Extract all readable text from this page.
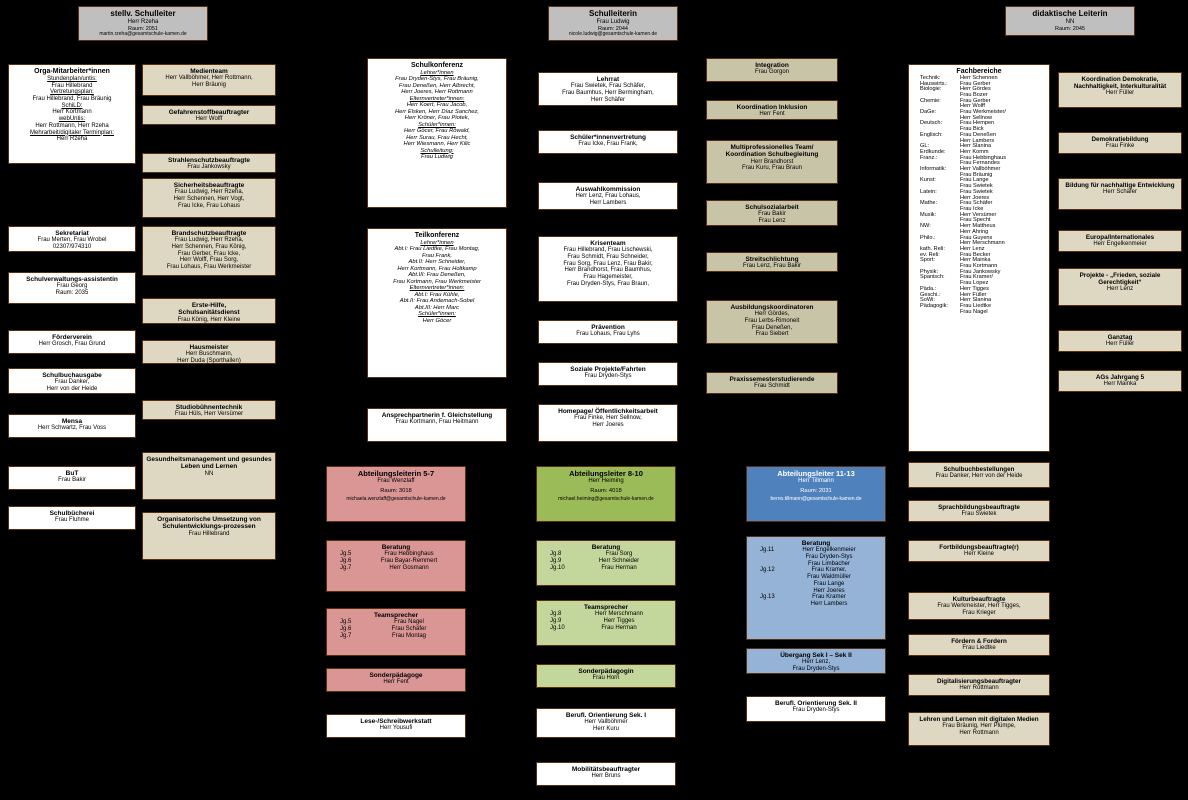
stellv. Schulleiter
Herr Rzeha
Raum: 2051
martin.rzeha@gesamtschule-kamen.de
Schulleiterin
Frau Ludwig
Raum: 2044
nicole.ludwig@gesamtschule-kamen.de
didaktische Leiterin
NN
Raum: 2045
Orga-Mitarbeiter*innen
Stundenplan/untis:
Frau Hillebrand
Vertretungsplan:
Frau Hillebrand, Frau Bräunig
SchiLD:
Herr Kortmann
webUntis:
Herr Rottmann, Herr Rzeha
Mehrarbeit/digitaler Terminplan:
Herr Rzeha

Sekretariat
Frau Merten, Frau Wrobel
02307/974310
Schulverwaltungs-assistentin
Frau Georg
Raum: 2035
Förderverein
Herr Grosch, Frau Grund
Schulbuchausgabe
Frau Danker,
Herr von der Heide
Mensa
Herr Schwartz, Frau Voss
BuT
Frau Bakir
Schulbücherei
Frau Fluhme
Medienteam
Herr Vallböhmer, Herr Rottmann,
Herr Bräunig
Gefahrenstoffbeauftragter
Herr Wolff
Strahlenschutzbeauftragte
Frau Jankowsky
Sicherheitsbeauftragte
Frau Ludwig, Herr Rzeha,
Herr Schennen, Herr Vogt,
Frau Icke, Frau Lohaus
Brandschutzbeauftragte
Frau Ludwig, Herr Rzeha,
Herr Schennen, Frau König,
Frau Gerber, Frau Icke,
Herr Wolff, Frau Sorg,
Frau Lohaus, Frau Werkmeister
Erste-Hilfe,
Schulsanitätsdienst
Frau König, Herr Kleine
Hausmeister
Herr Buschmann,
Herr Duda (Sporthallen)
Studiobühnentechnik
Frau Hüls, Herr Versümer
Gesundheitsmanagement und gesundes Leben und Lernen
NN
Organisatorische Umsetzung von Schulentwicklungs-prozessen
Frau Hillebrand
Schulkonferenz
Lehrer*innen
Frau Dryden-Stys, Frau Bräunig,
Frau Deneßen, Herr Albrecht,
Herr Joeres, Herr Rottmann
Elternvertreter*innen:
Herr Koert, Frau Jacob,
Herr Elsken, Herr Díaz Sanchez,
Herr Kröner, Frau Piotek,
Schüler*innen:
Herr Göcer, Frau Röwald,
Herr Surau, Frau Hecht,
Herr Wiesmann, Herr Kilic
Schulleitung:
Frau Ludwig
Teilkonferenz
Lehrer*innen
Abt.I: Frau Liedtke, Frau Montag,
Frau Frank,
Abt.II: Herr Schneider,
Herr Kortmann, Frau Holtkamp
Abt.III: Frau Deneßen,
Frau Kortmann, Frau Werkmeister
Elternvertreter*innen:
Abt.I: Frau Kühle,
Abt.II: Frau Andemach-Sobel
Abt.III: Herr Marc
Schüler*innen:
Herr Göcer
Ansprechpartnerin f. Gleichstellung
Frau Kortmann, Frau Heitmann
Lehrrat
Frau Swietek, Frau Schäfer,
Frau Baumhus, Herr Bermingham,
Herr Schäfer
Schüler*innenvertretung
Frau Icke, Frau Frank,
Auswahlkommission
Herr Lenz, Frau Lohaus,
Herr Lambers
Krisenteam
Frau Hillebrand, Frau Lischewski,
Frau Schmidt, Frau Schneider,
Frau Sorg, Frau Lenz, Frau Bakir,
Herr Brandhorst, Frau Baumhus,
Frau Hagemeister,
Frau Dryden-Stys, Frau Braun,
Prävention
Frau Lohaus, Frau Lyhs
Soziale Projekte/Fahrten
Frau Dryden-Stys
Homepage/ Öffentlichkeitsarbeit
Frau Finke, Herr Sellnow,
Herr Joeres
Integration
Frau Gorgon
Koordination Inklusion
Herr Fent
Multiprofessionelles Team/ Koordination Schulbegleitung
Herr Brandhorst
Frau Kuru, Frau Braun
Schulsozialarbeit
Frau Bakir
Frau Lenz
Streitschlichtung
Frau Lenz, Frau Bakir
Ausbildungskoordinatoren
Herr Gördes,
Frau Lerbs-Rimoneit
Frau Deneßen,
Frau Siebert
Praxissemesterstudierende
Frau Schmidt
Fachbereiche
Technik:	Herr Schennen
Hauswirts.:	Frau Gerber
Biologie:	Herr Gördes
Frau Bozer
Chemie:	Frau Gerber
Herr Wolff
DaGe:	Frau Werkmeister/
Herr Sellnow
Deutsch:	Frau Hempen
Frau Bick
Englisch:	Frau Deneßen
Herr Lambers
GL:	Herr Slanina
Erdkunde:	Herr Komm
Franz.:	Frau Hebbinghaus
Frau Fernandes
Informatik:	Herr Vallböhmer
Frau Bräunig
Kunst:	Frau Lange
Frau Swietek
Latein:	Frau Swietek
Herr Joeres
Mathe:	Frau Schäfer
Frau Icke
Musik:	Herr Versümer
Frau Specht
NW:	Herr Mattheus
Herr Ahring
Philo.:	Frau Guyens
Herr Merschmann
kath. Reli:	Herr Lenz
ev. Reli:	Frau Becker
Sport:	Herr Mainka
Frau Kortmann
Physik:	Frau Jankowsky
Spanisch:	Frau Kramer/
Frau Lopez
Päda.:	Herr Tigges
Geschi.:	Herr Füller
SoWi:	Herr Slanina
Pädagogik:	Frau Liedtke
Frau Nagel
Koordination Demokratie, Nachhaltigkeit, Interkulturalität
Herr Füller
Demokratiebildung
Frau Finke
Bildung für nachhaltige Entwicklung
Herr Schäfer
Europa/Internationales
Herr Engelkenmeier
Projekte - „Frieden, soziale Gerechtigkeit“
Herr Lenz
Ganztag
Herr Füller
AGs Jahrgang 5
Herr Mainka
Schulbuchbestellungen
Frau Danker, Herr von der Heide
Sprachbildungsbeauftragte
Frau Swietek
Fortbildungsbeauftragte(r)
Herr Kleine
Kulturbeauftragte
Frau Werkmeister, Herr Tigges,
Frau Krieger
Fördern & Fordern
Frau Liedtke
Digitalisierungsbeauftragter
Herr Rottmann
Lehren und Lernen mit digitalen Medien
Frau Bräunig, Herr Plümpe,
Herr Rottmann
Abteilungsleiterin 5-7
Frau Wenzlaff
Raum: 3018
michaela.wenzlaff@gesamtschule-kamen.de
Beratung
Jg.5	Frau Hebbinghaus
Jg.6	Frau Bayar-Remmert
Jg.7	Herr Gosmann
Teamsprecher
Jg.5	Frau Nagel
Jg.6	Frau Schäfer
Jg.7	Frau Montag
Sonderpädagoge
Herr Fent
Lese-/Schreibwerkstatt
Herr Yousufi
Abteilungsleiter 8-10
Herr Heiming
Raum: 4018
michael.heiming@gesamtschule-kamen.de
Beratung
Jg.8	Frau Sorg
Jg.9	Herr Schneider
Jg.10	Frau Herman
Teamsprecher
Jg.8	Herr Merschmann
Jg.9	Herr Tigges
Jg.10	Frau Herman
Sonderpädagogin
Frau Horn
Berufl. Orientierung Sek. I
Herr Vallböhmer
Herr Kuru
Mobilitätsbeauftragter
Herr Bruns
Abteilungsleiter 11-13
Herr Tillmann
Raum: 2031
berno.tillmann@gesamtschule-kamen.de
Beratung
Jg.11	Herr Engelkenmeier
Frau Dryden-Stys
Frau Limbacher
Jg.12	Frau Kramer,
Frau Waldmüller
Frau Lange
Herr Joeres
Jg.13	Frau Kramer
Herr Lambers
Übergang Sek I – Sek II
Herr Lenz,
Frau Dryden-Stys
Berufl. Orientierung Sek. II
Frau Dryden-Stys
